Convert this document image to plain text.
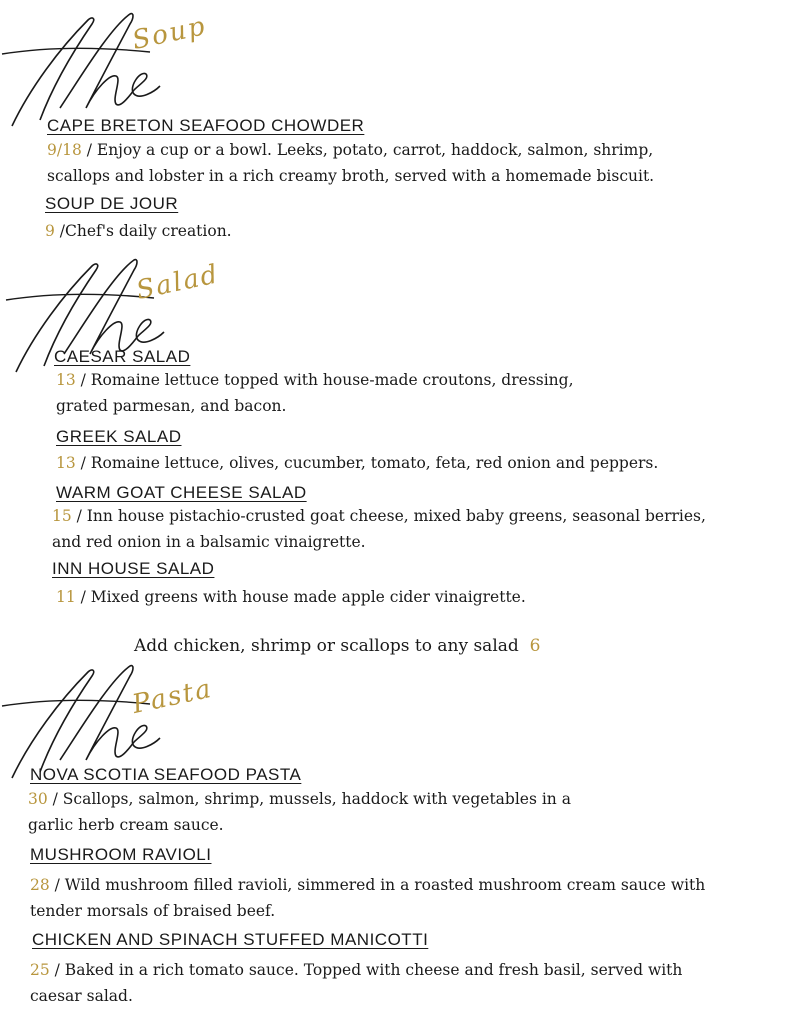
Soup
CAPE BRETON SEAFOOD CHOWDER
9/18 / Enjoy a cup or a bowl. Leeks, potato, carrot, haddock, salmon, shrimp,
scallops and lobster in a rich creamy broth, served with a homemade biscuit.
SOUP DE JOUR
9 /Chef's daily creation.
Salad
CAESAR SALAD
13 / Romaine lettuce topped with house-made croutons, dressing,
grated parmesan, and bacon.
GREEK SALAD
13 / Romaine lettuce, olives, cucumber, tomato, feta, red onion and peppers.
WARM GOAT CHEESE SALAD
15 / Inn house pistachio-crusted goat cheese, mixed baby greens, seasonal berries,
and red onion in a balsamic vinaigrette.
INN HOUSE SALAD
11 / Mixed greens with house made apple cider vinaigrette.
Add chicken, shrimp or scallops to any salad 6
Pasta
NOVA SCOTIA SEAFOOD PASTA
30 / Scallops, salmon, shrimp, mussels, haddock with vegetables in a
garlic herb cream sauce.
MUSHROOM RAVIOLI
28 / Wild mushroom filled ravioli, simmered in a roasted mushroom cream sauce with
tender morsals of braised beef.
CHICKEN AND SPINACH STUFFED MANICOTTI
25 / Baked in a rich tomato sauce. Topped with cheese and fresh basil, served with
caesar salad.
